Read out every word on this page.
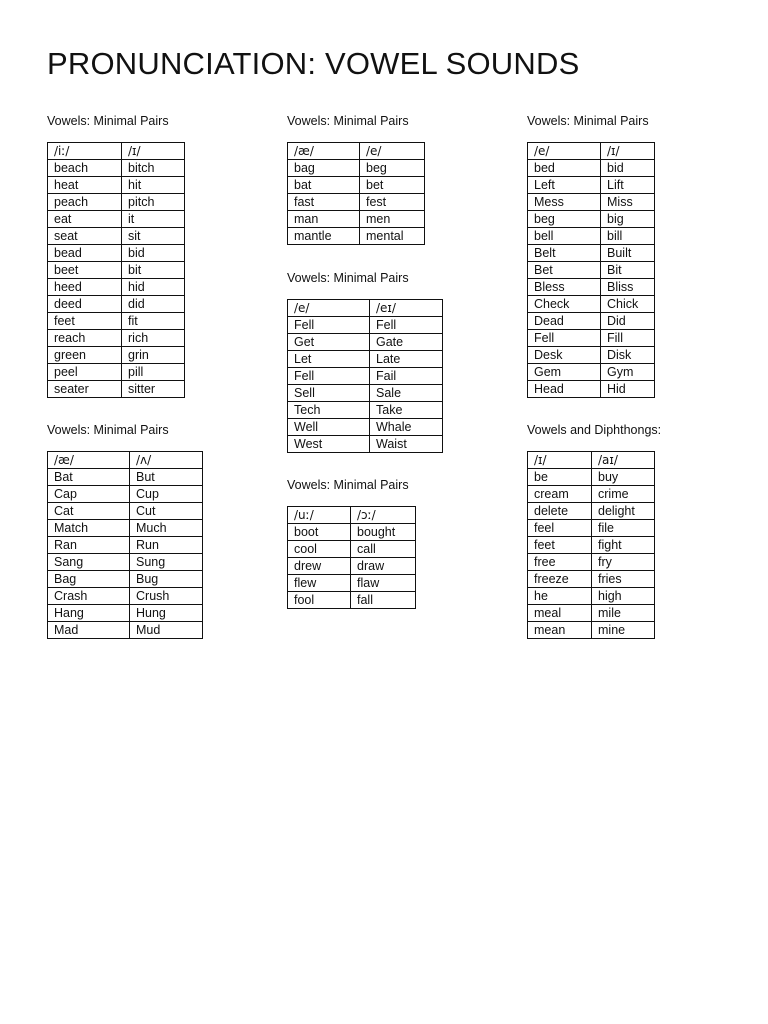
PRONUNCIATION: VOWEL SOUNDS
Vowels: Minimal Pairs
/iː/	/ɪ/
beach	bitch
heat	hit
peach	pitch
eat	it
seat	sit
bead	bid
beet	bit
heed	hid
deed	did
feet	fit
reach	rich
green	grin
peel	pill
seater	sitter
Vowels: Minimal Pairs
/æ/	/e/
bag	beg
bat	bet
fast	fest
man	men
mantle	mental
Vowels: Minimal Pairs
/e/	/ɪ/
bed	bid
Left	Lift
Mess	Miss
beg	big
bell	bill
Belt	Built
Bet	Bit
Bless	Bliss
Check	Chick
Dead	Did
Fell	Fill
Desk	Disk
Gem	Gym
Head	Hid
Vowels: Minimal Pairs
/e/	/eɪ/
Fell	Fell
Get	Gate
Let	Late
Fell	Fail
Sell	Sale
Tech	Take
Well	Whale
West	Waist
Vowels: Minimal Pairs
/æ/	/ʌ/
Bat	But
Cap	Cup
Cat	Cut
Match	Much
Ran	Run
Sang	Sung
Bag	Bug
Crash	Crush
Hang	Hung
Mad	Mud
Vowels: Minimal Pairs
/uː/	/ɔː/
boot	bought
cool	call
drew	draw
flew	flaw
fool	fall
Vowels and Diphthongs:
/ɪ/	/aɪ/
be	buy
cream	crime
delete	delight
feel	file
feet	fight
free	fry
freeze	fries
he	high
meal	mile
mean	mine
